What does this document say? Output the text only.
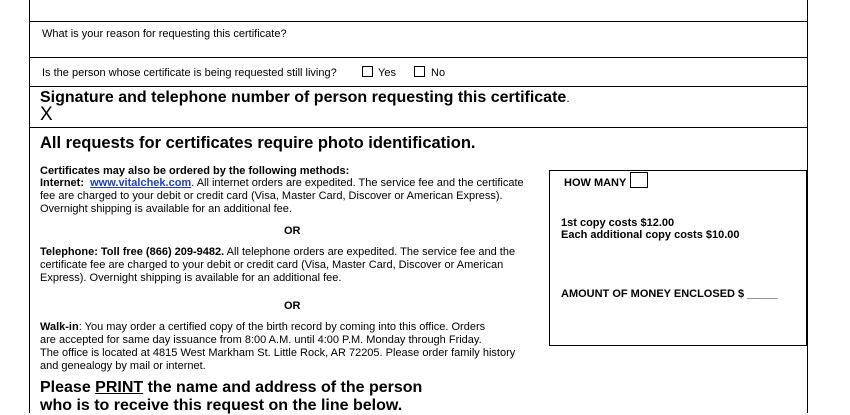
What is your reason for requesting this certificate?
Is the person whose certificate is being requested still living?	Yes	No
Signature and telephone number of person requesting this certificate.
X
All requests for certificates require photo identification.
Certificates may also be ordered by the following methods:
Internet: www.vitalchek.com. All internet orders are expedited. The service fee and the certificate
fee are charged to your debit or credit card (Visa, Master Card, Discover or American Express).
Overnight shipping is available for an additional fee.
OR
Telephone: Toll free (866) 209-9482. All telephone orders are expedited. The service fee and the
certificate fee are charged to your debit or credit card (Visa, Master Card, Discover or American
Express). Overnight shipping is available for an additional fee.
OR
Walk-in: You may order a certified copy of the birth record by coming into this office. Orders
are accepted for same day issuance from 8:00 A.M. until 4:00 P.M. Monday through Friday.
The office is located at 4815 West Markham St. Little Rock, AR 72205. Please order family history
and genealogy by mail or internet.
HOW MANY
1st copy costs $12.00
Each additional copy costs $10.00
AMOUNT OF MONEY ENCLOSED $ _____
Please PRINT the name and address of the person
who is to receive this request on the line below.
